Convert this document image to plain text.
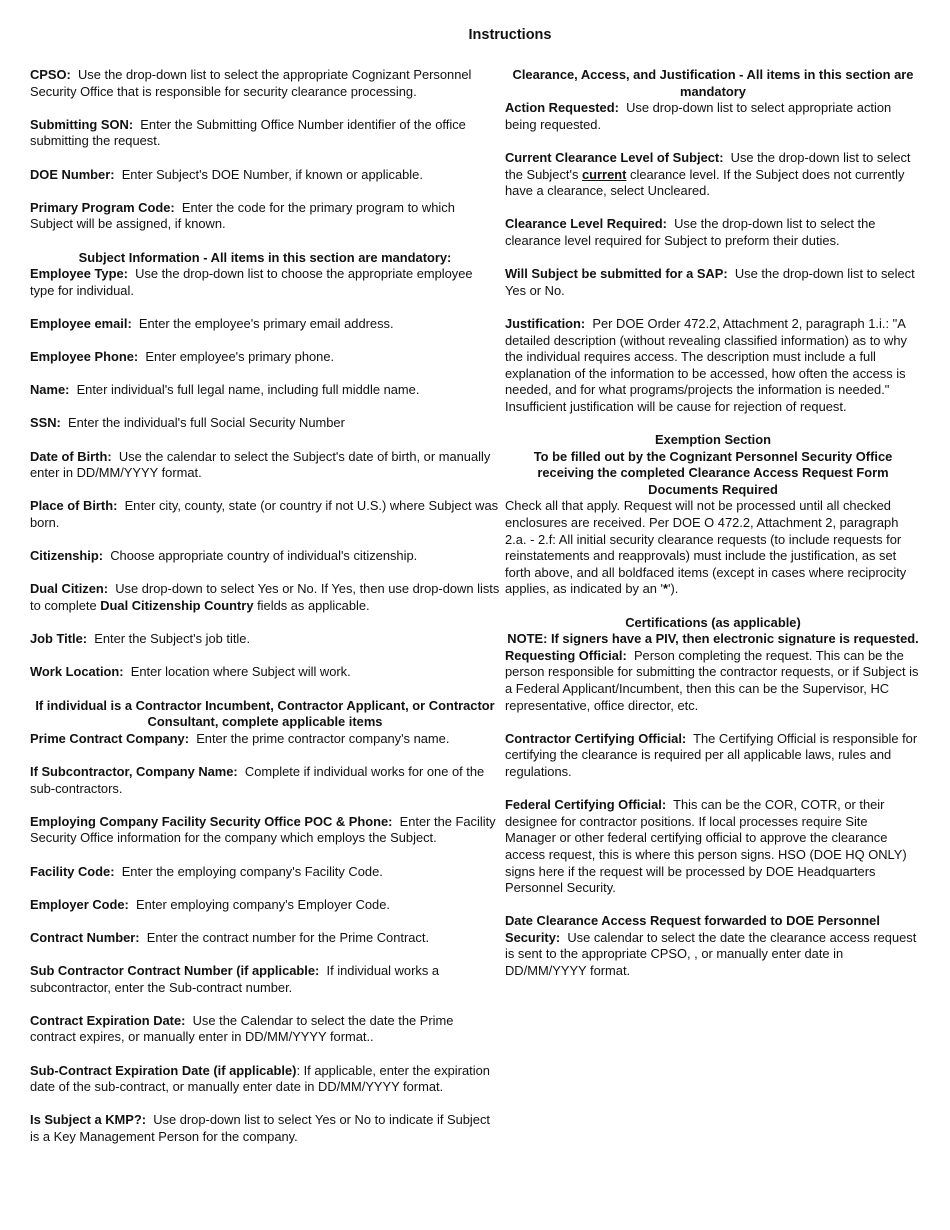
Instructions

CPSO: Use the drop-down list to select the appropriate Cognizant Personnel Security Office that is responsible for security clearance processing.

Submitting SON: Enter the Submitting Office Number identifier of the office submitting the request.

DOE Number: Enter Subject's DOE Number, if known or applicable.

Primary Program Code: Enter the code for the primary program to which Subject will be assigned, if known.

Subject Information - All items in this section are mandatory:

Employee Type: Use the drop-down list to choose the appropriate employee type for individual.

Employee email: Enter the employee's primary email address.

Employee Phone: Enter employee's primary phone.

Name: Enter individual's full legal name, including full middle name.

SSN: Enter the individual's full Social Security Number

Date of Birth: Use the calendar to select the Subject's date of birth, or manually enter in DD/MM/YYYY format.

Place of Birth: Enter city, county, state (or country if not U.S.) where Subject was born.

Citizenship: Choose appropriate country of individual's citizenship.

Dual Citizen: Use drop-down to select Yes or No. If Yes, then use drop-down lists to complete Dual Citizenship Country fields as applicable.

Job Title: Enter the Subject's job title.

Work Location: Enter location where Subject will work.

If individual is a Contractor Incumbent, Contractor Applicant, or Contractor Consultant, complete applicable items

Prime Contract Company: Enter the prime contractor company's name.

If Subcontractor, Company Name: Complete if individual works for one of the sub-contractors.

Employing Company Facility Security Office POC & Phone: Enter the Facility Security Office information for the company which employs the Subject.

Facility Code: Enter the employing company's Facility Code.

Employer Code: Enter employing company's Employer Code.

Contract Number: Enter the contract number for the Prime Contract.

Sub Contractor Contract Number (if applicable: If individual works a subcontractor, enter the Sub-contract number.

Contract Expiration Date: Use the Calendar to select the date the Prime contract expires, or manually enter in DD/MM/YYYY format..

Sub-Contract Expiration Date (if applicable): If applicable, enter the expiration date of the sub-contract, or manually enter date in DD/MM/YYYY format.

Is Subject a KMP?: Use drop-down list to select Yes or No to indicate if Subject is a Key Management Person for the company.

Clearance, Access, and Justification - All items in this section are mandatory

Action Requested: Use drop-down list to select appropriate action being requested.

Current Clearance Level of Subject: Use the drop-down list to select the Subject's current clearance level. If the Subject does not currently have a clearance, select Uncleared.

Clearance Level Required: Use the drop-down list to select the clearance level required for Subject to preform their duties.

Will Subject be submitted for a SAP: Use the drop-down list to select Yes or No.

Justification: Per DOE Order 472.2, Attachment 2, paragraph 1.i.: "A detailed description (without revealing classified information) as to why the individual requires access. The description must include a full explanation of the information to be accessed, how often the access is needed, and for what programs/projects the information is needed." Insufficient justification will be cause for rejection of request.

Exemption Section

To be filled out by the Cognizant Personnel Security Office receiving the completed Clearance Access Request Form

Documents Required

Check all that apply. Request will not be processed until all checked enclosures are received. Per DOE O 472.2, Attachment 2, paragraph 2.a. - 2.f: All initial security clearance requests (to include requests for reinstatements and reapprovals) must include the justification, as set forth above, and all boldfaced items (except in cases where reciprocity applies, as indicated by an '*').

Certifications (as applicable)

NOTE: If signers have a PIV, then electronic signature is requested.

Requesting Official: Person completing the request. This can be the person responsible for submitting the contractor requests, or if Subject is a Federal Applicant/Incumbent, then this can be the Supervisor, HC representative, office director, etc.

Contractor Certifying Official: The Certifying Official is responsible for certifying the clearance is required per all applicable laws, rules and regulations.

Federal Certifying Official: This can be the COR, COTR, or their designee for contractor positions. If local processes require Site Manager or other federal certifying official to approve the clearance access request, this is where this person signs. HSO (DOE HQ ONLY) signs here if the request will be processed by DOE Headquarters Personnel Security.

Date Clearance Access Request forwarded to DOE Personnel Security: Use calendar to select the date the clearance access request is sent to the appropriate CPSO, , or manually enter date in DD/MM/YYYY format.
